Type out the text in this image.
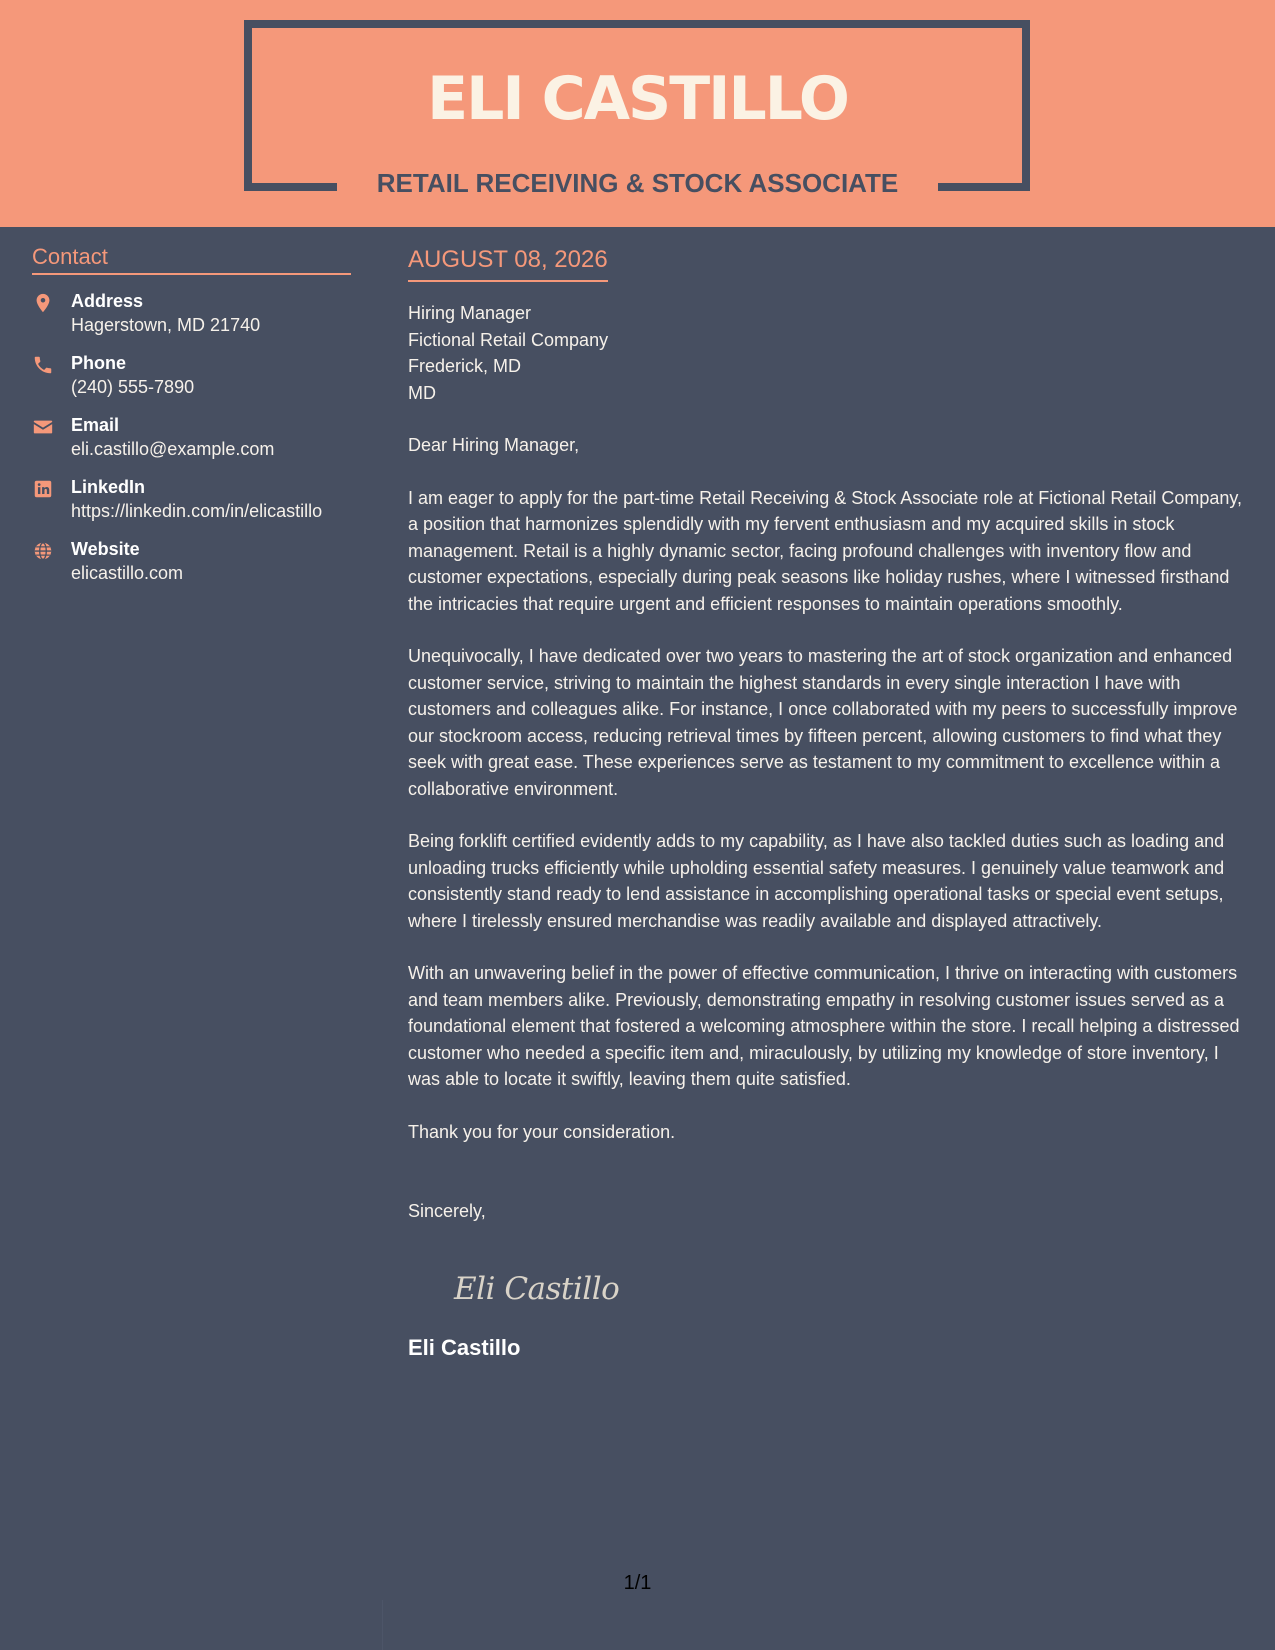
ELI CASTILLO
RETAIL RECEIVING & STOCK ASSOCIATE
Contact
Address
Hagerstown, MD 21740
Phone
(240) 555-7890
Email
eli.castillo@example.com
LinkedIn
https://linkedin.com/in/elicastillo
Website
elicastillo.com
AUGUST 08, 2026
Hiring Manager
Fictional Retail Company
Frederick, MD
MD

Dear Hiring Manager,

I am eager to apply for the part-time Retail Receiving & Stock Associate role at Fictional Retail Company, a position that harmonizes splendidly with my fervent enthusiasm and my acquired skills in stock management. Retail is a highly dynamic sector, facing profound challenges with inventory flow and customer expectations, especially during peak seasons like holiday rushes, where I witnessed firsthand the intricacies that require urgent and efficient responses to maintain operations smoothly.

Unequivocally, I have dedicated over two years to mastering the art of stock organization and enhanced customer service, striving to maintain the highest standards in every single interaction I have with customers and colleagues alike. For instance, I once collaborated with my peers to successfully improve our stockroom access, reducing retrieval times by fifteen percent, allowing customers to find what they seek with great ease. These experiences serve as testament to my commitment to excellence within a collaborative environment.

Being forklift certified evidently adds to my capability, as I have also tackled duties such as loading and unloading trucks efficiently while upholding essential safety measures. I genuinely value teamwork and consistently stand ready to lend assistance in accomplishing operational tasks or special event setups, where I tirelessly ensured merchandise was readily available and displayed attractively.

With an unwavering belief in the power of effective communication, I thrive on interacting with customers and team members alike. Previously, demonstrating empathy in resolving customer issues served as a foundational element that fostered a welcoming atmosphere within the store. I recall helping a distressed customer who needed a specific item and, miraculously, by utilizing my knowledge of store inventory, I was able to locate it swiftly, leaving them quite satisfied.

Thank you for your consideration.

Sincerely,
Eli Castillo
Eli Castillo
1/1
